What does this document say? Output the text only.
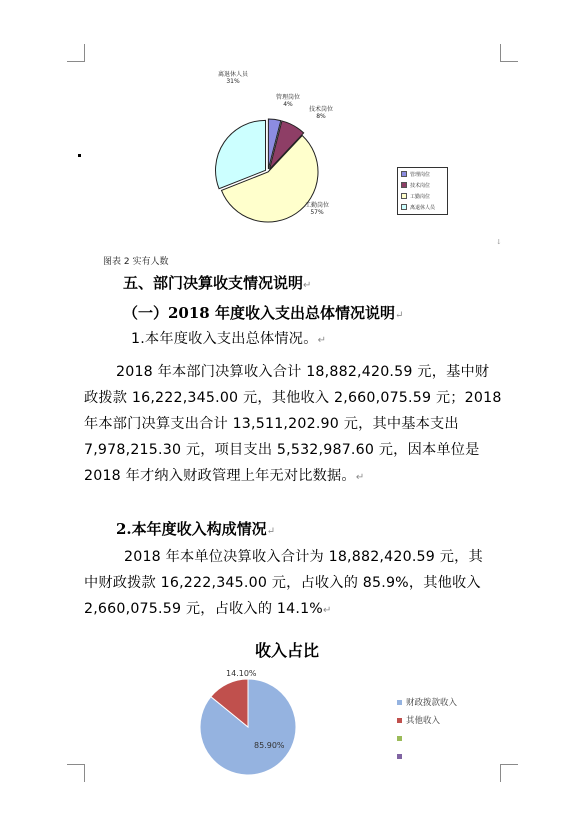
离退休人员
31%
管理岗位
4%
技术岗位
8%
工勤岗位
57%
管理岗位
技术岗位
工勤岗位
离退休人员
图表 2 实有人数
↓
五、部门决算收支情况说明↵
（一）2018 年度收入支出总体情况说明↵
1.本年度收入支出总体情况。↵
2018 年本部门决算收入合计 18,882,420.59 元，基中财
政拨款 16,222,345.00 元，其他收入 2,660,075.59 元；2018
年本部门决算支出合计 13,511,202.90 元，其中基本支出
7,978,215.30 元，项目支出 5,532,987.60 元，因本单位是
2018 年才纳入财政管理上年无对比数据。↵
2.本年度收入构成情况↵
2018 年本单位决算收入合计为 18,882,420.59 元，其
中财政拨款 16,222,345.00 元，占收入的 85.9%，其他收入
2,660,075.59 元，占收入的 14.1%↵
收入占比
14.10%
85.90%
财政拨款收入
其他收入
